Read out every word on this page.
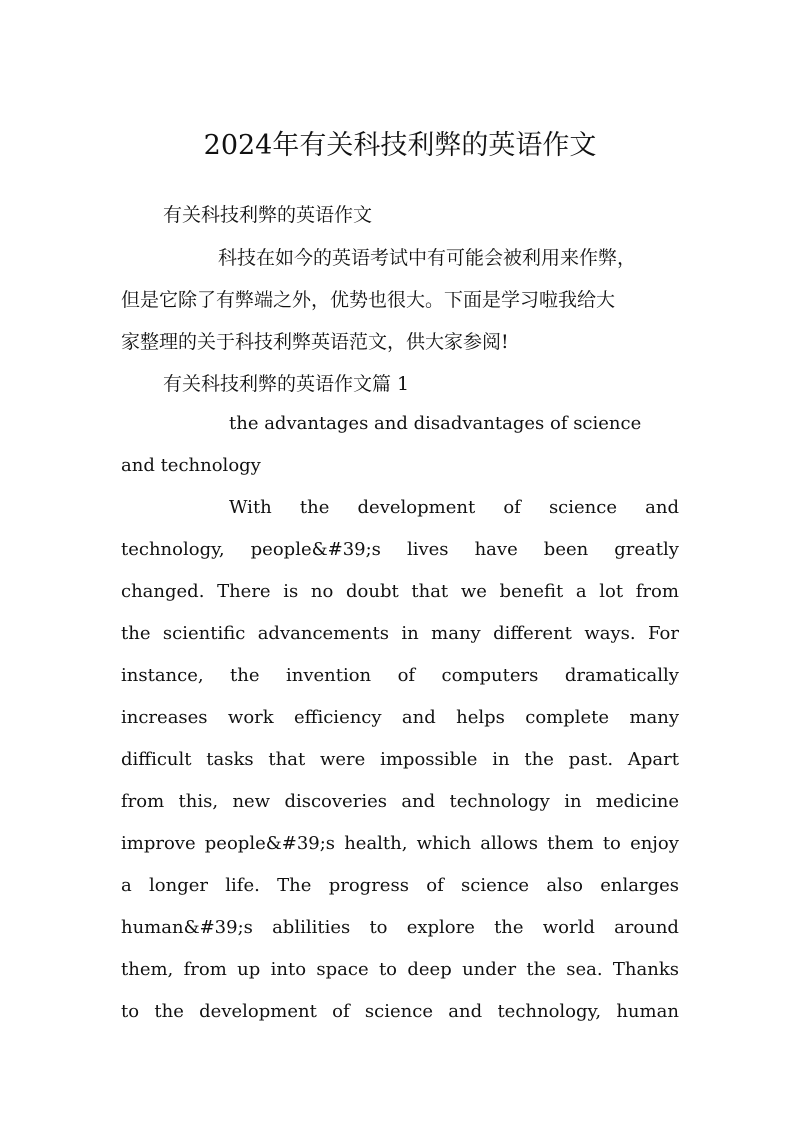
2024年有关科技利弊的英语作文
有关科技利弊的英语作文
科技在如今的英语考试中有可能会被利用来作弊，
但是它除了有弊端之外，优势也很大。下面是学习啦我给大
家整理的关于科技利弊英语范文，供大家参阅!
有关科技利弊的英语作文篇 1
the advantages and disadvantages of science
and technology
With the development of science and
technology, people&#39;s lives have been greatly
changed. There is no doubt that we benefit a lot from
the scientific advancements in many different ways. For
instance, the invention of computers dramatically
increases work efficiency and helps complete many
difficult tasks that were impossible in the past. Apart
from this, new discoveries and technology in medicine
improve people&#39;s health, which allows them to enjoy
a longer life. The progress of science also enlarges
human&#39;s ablilities to explore the world around
them, from up into space to deep under the sea. Thanks
to the development of science and technology, human
